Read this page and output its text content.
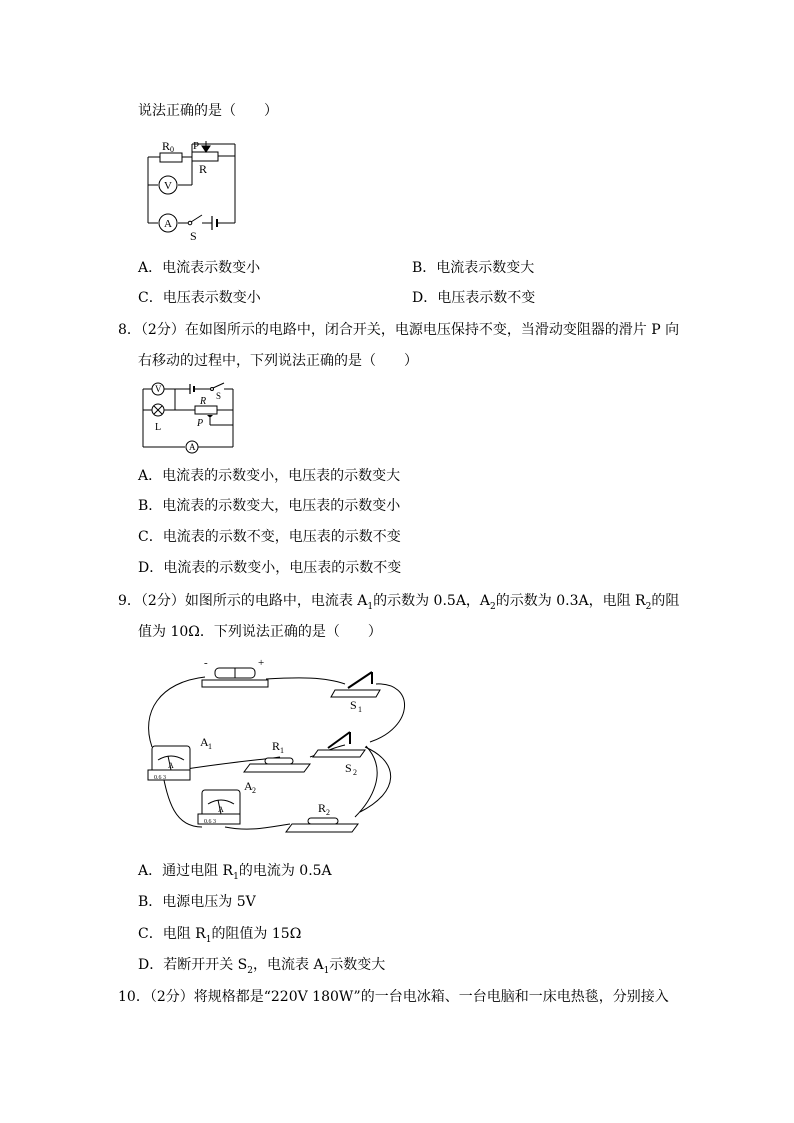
说法正确的是（　　）
R 0 P
R
V
A
S
A．电流表示数变小	B．电流表示数变大
C．电压表示数变小	D．电压表示数不变
8．（2分）在如图所示的电路中，闭合开关，电源电压保持不变，当滑动变阻器的滑片 P 向
右移动的过程中，下列说法正确的是（　　）
V
S
R
P
L
A
A．电流表的示数变小，电压表的示数变大
B．电流表的示数变大，电压表的示数变小
C．电流表的示数不变，电压表的示数不变
D．电流表的示数变小，电压表的示数不变
9．（2分）如图所示的电路中，电流表 $A_1$的示数为 0.5A，$A_2$的示数为 0.3A，电阻 $R_2$的阻
值为 10Ω．下列说法正确的是（　　）
-	+
S 1
A 1	R 1
S 2
A 2
R 2
A
A
0.6 3
0.6 3
A．通过电阻 $R_1$的电流为 0.5A
B．电源电压为 5V
C．电阻 $R_1$的阻值为 15Ω
D．若断开开关 $S_2$，电流表 $A_1$示数变大
10．（2分）将规格都是“220V 180W”的一台电冰箱、一台电脑和一床电热毯，分别接入
